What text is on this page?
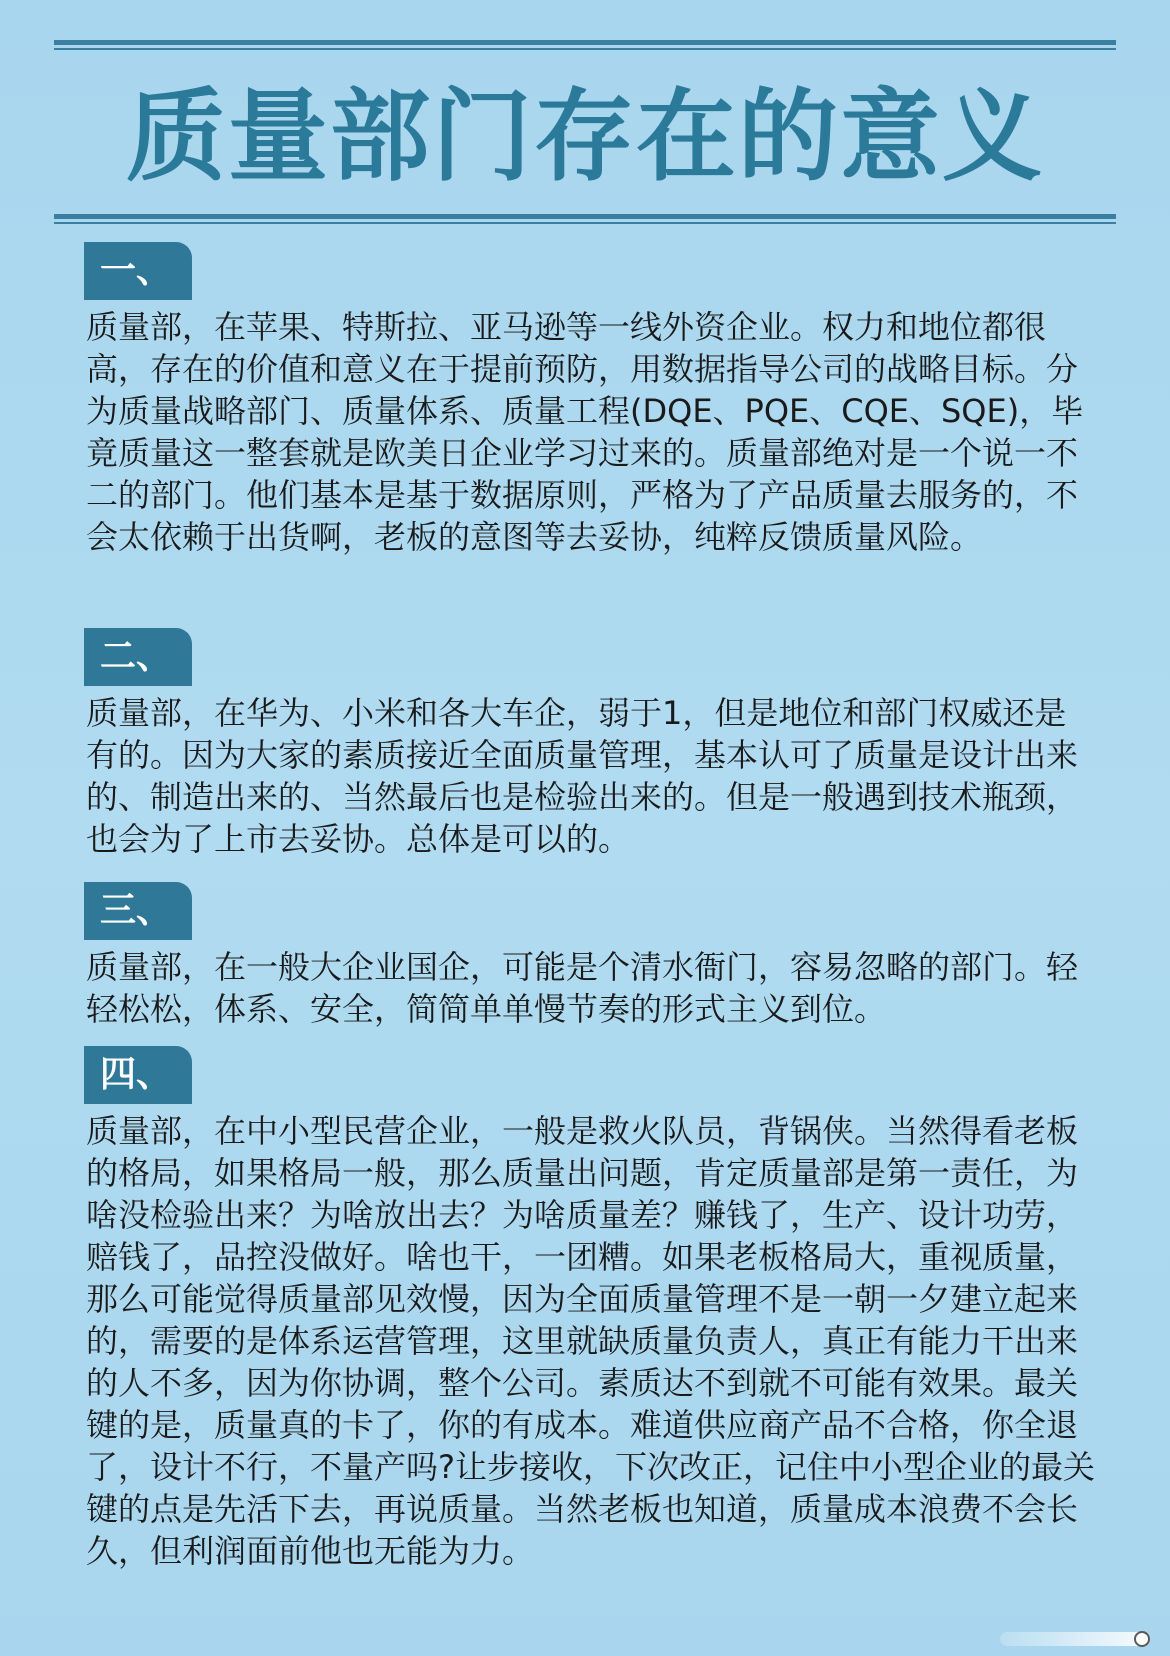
质量部门存在的意义
一、

质量部，在苹果、特斯拉、亚马逊等一线外资企业。权力和地位都很高，存在的价值和意义在于提前预防，用数据指导公司的战略目标。分为质量战略部门、质量体系、质量工程(DQE、PQE、CQE、SQE)，毕竟质量这一整套就是欧美日企业学习过来的。质量部绝对是一个说一不二的部门。他们基本是基于数据原则，严格为了产品质量去服务的，不会太依赖于出货啊，老板的意图等去妥协，纯粹反馈质量风险。

二、

质量部，在华为、小米和各大车企，弱于1，但是地位和部门权威还是有的。因为大家的素质接近全面质量管理，基本认可了质量是设计出来的、制造出来的、当然最后也是检验出来的。但是一般遇到技术瓶颈，也会为了上市去妥协。总体是可以的。

三、

质量部，在一般大企业国企，可能是个清水衙门，容易忽略的部门。轻轻松松，体系、安全，简简单单慢节奏的形式主义到位。

四、

质量部，在中小型民营企业，一般是救火队员，背锅侠。当然得看老板的格局，如果格局一般，那么质量出问题，肯定质量部是第一责任，为啥没检验出来？为啥放出去？为啥质量差？赚钱了，生产、设计功劳，赔钱了，品控没做好。啥也干，一团糟。如果老板格局大，重视质量，那么可能觉得质量部见效慢，因为全面质量管理不是一朝一夕建立起来的，需要的是体系运营管理，这里就缺质量负责人，真正有能力干出来的人不多，因为你协调，整个公司。素质达不到就不可能有效果。最关键的是，质量真的卡了，你的有成本。难道供应商产品不合格，你全退了，设计不行，不量产吗?让步接收，下次改正，记住中小型企业的最关键的点是先活下去，再说质量。当然老板也知道，质量成本浪费不会长久，但利润面前他也无能为力。
